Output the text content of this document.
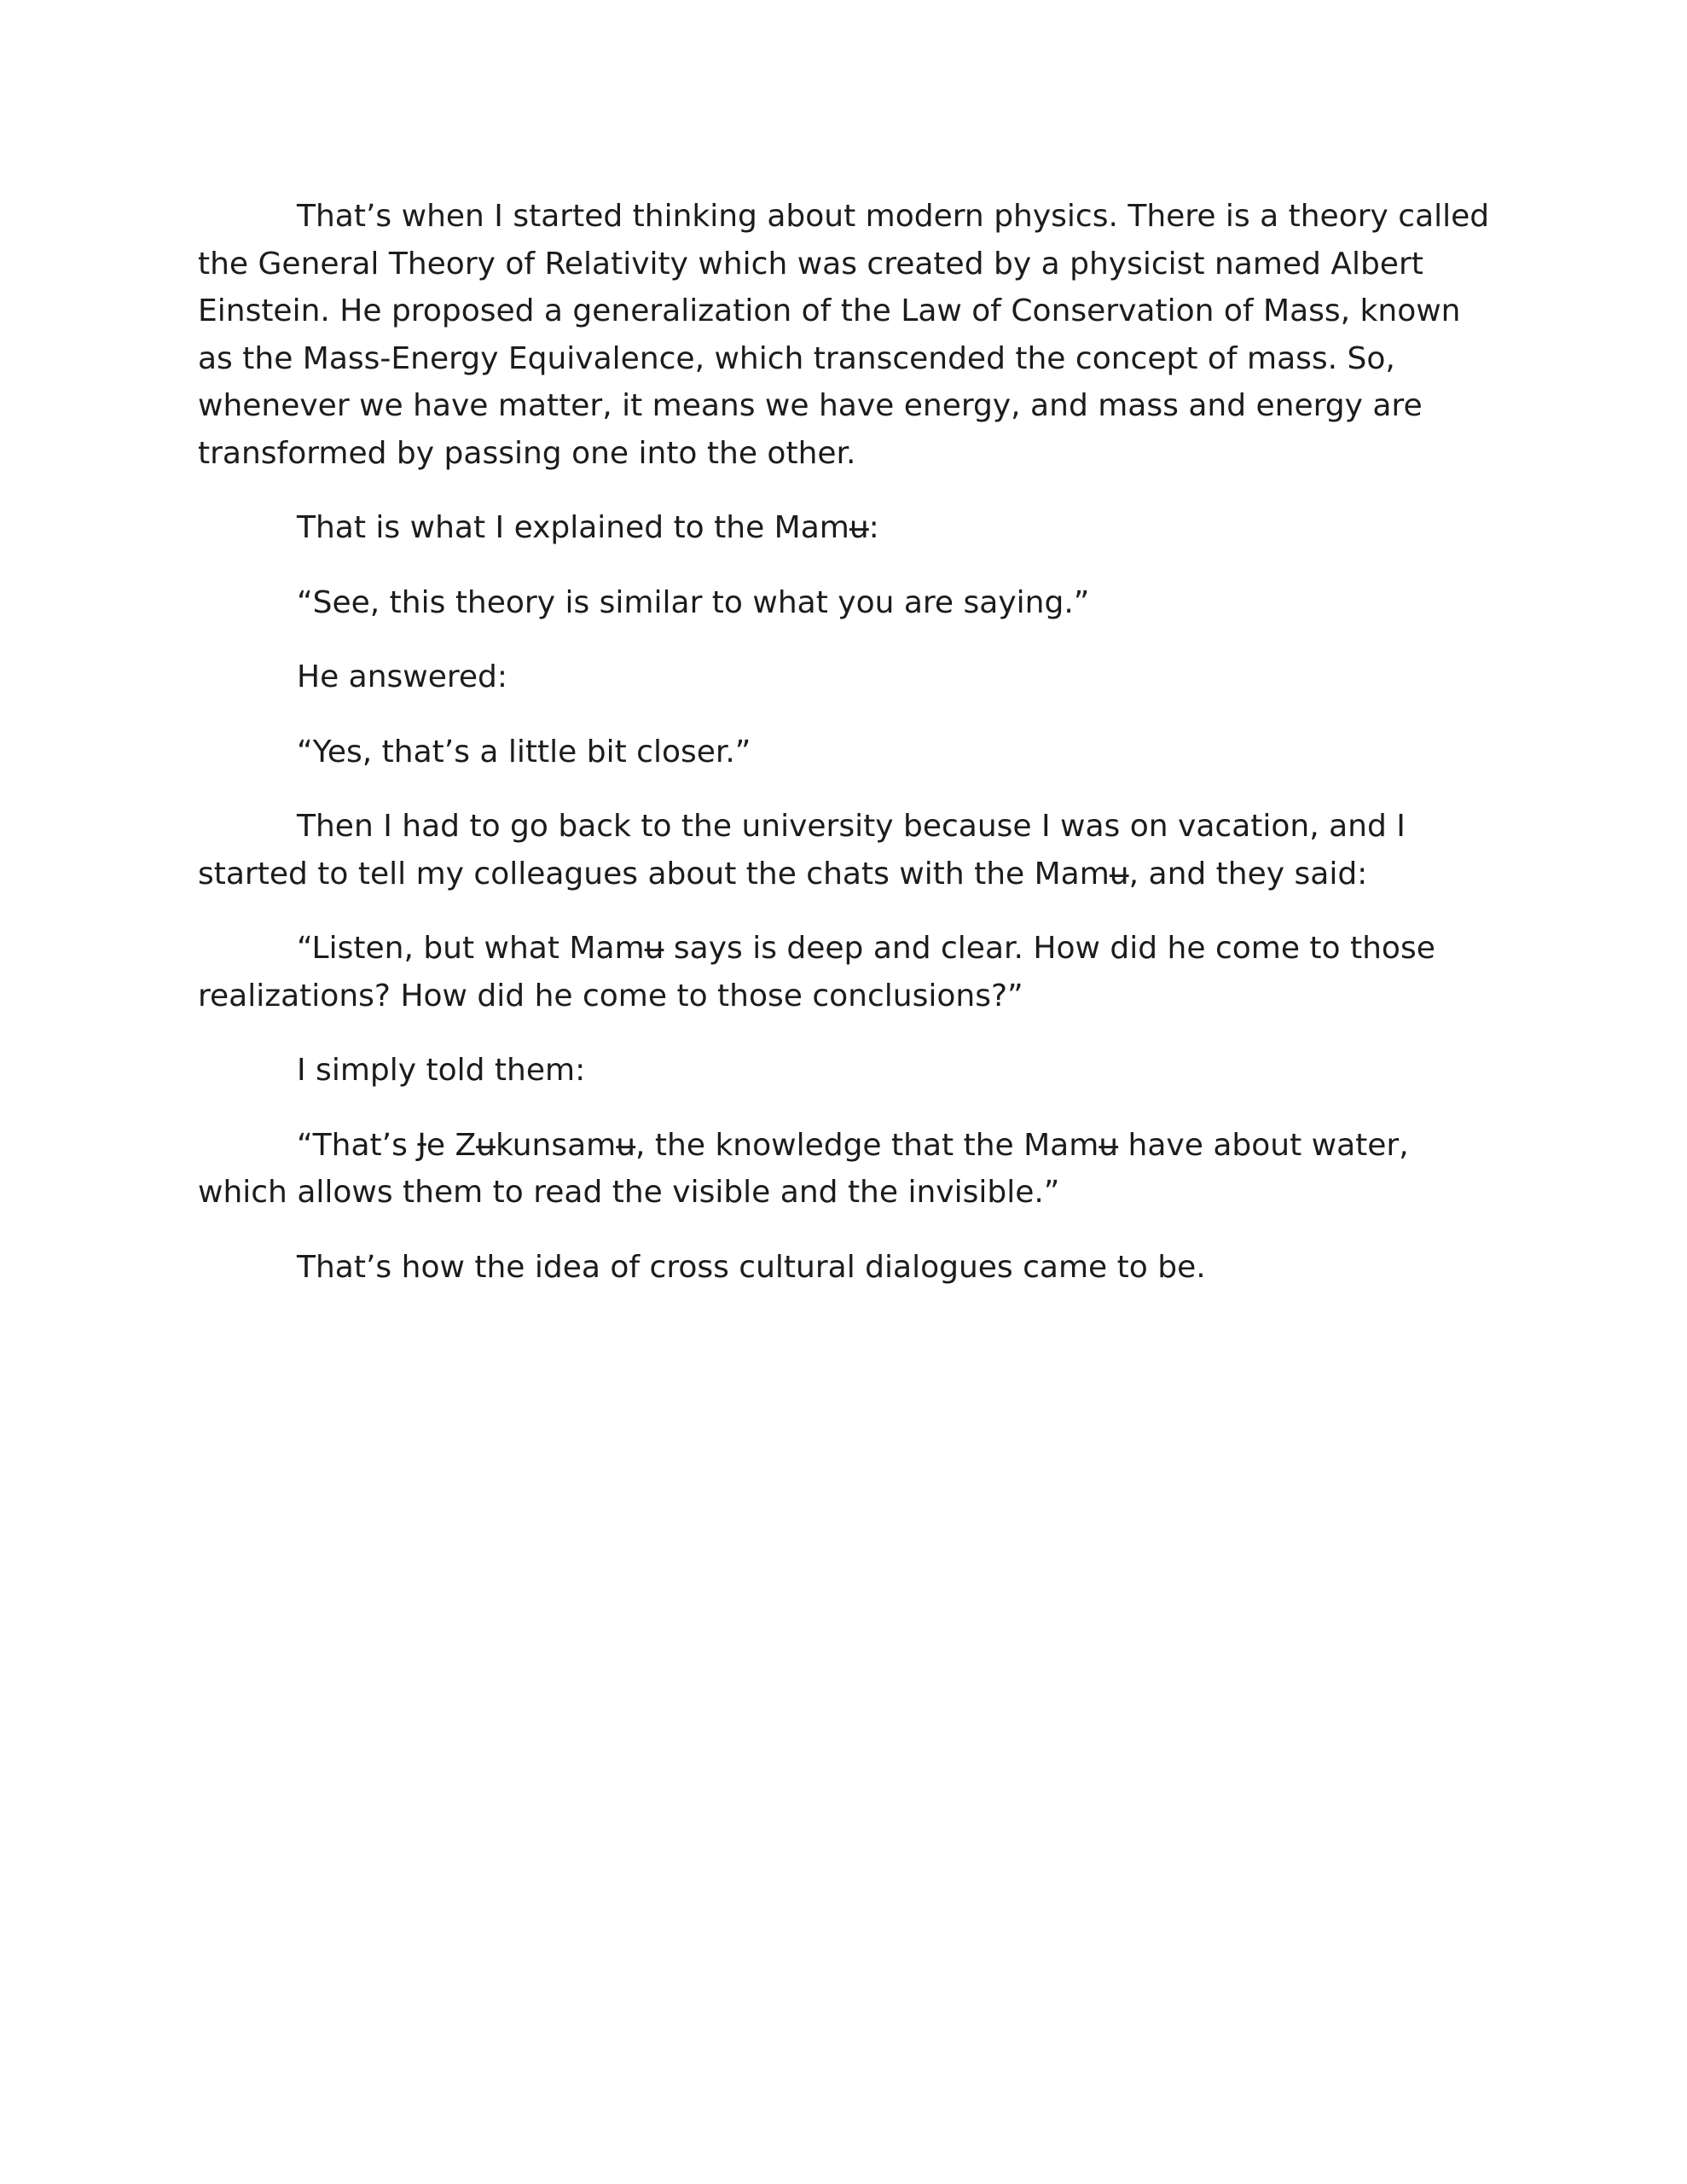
That’s when I started thinking about modern physics. There is a theory called the General Theory of Relativity which was created by a physicist named Albert Einstein. He proposed a generalization of the Law of Conservation of Mass, known as the Mass-Energy Equivalence, which transcended the concept of mass. So, whenever we have matter, it means we have energy, and mass and energy are transformed by passing one into the other.

That is what I explained to the Mamʉ:

“See, this theory is similar to what you are saying.”

He answered:

“Yes, that’s a little bit closer.”

Then I had to go back to the university because I was on vacation, and I started to tell my colleagues about the chats with the Mamʉ, and they said:

“Listen, but what Mamʉ says is deep and clear. How did he come to those realizations? How did he come to those conclusions?”

I simply told them:

“That’s Ɉe Zʉkunsamʉ, the knowledge that the Mamʉ have about water, which allows them to read the visible and the invisible.”

That’s how the idea of cross cultural dialogues came to be.
